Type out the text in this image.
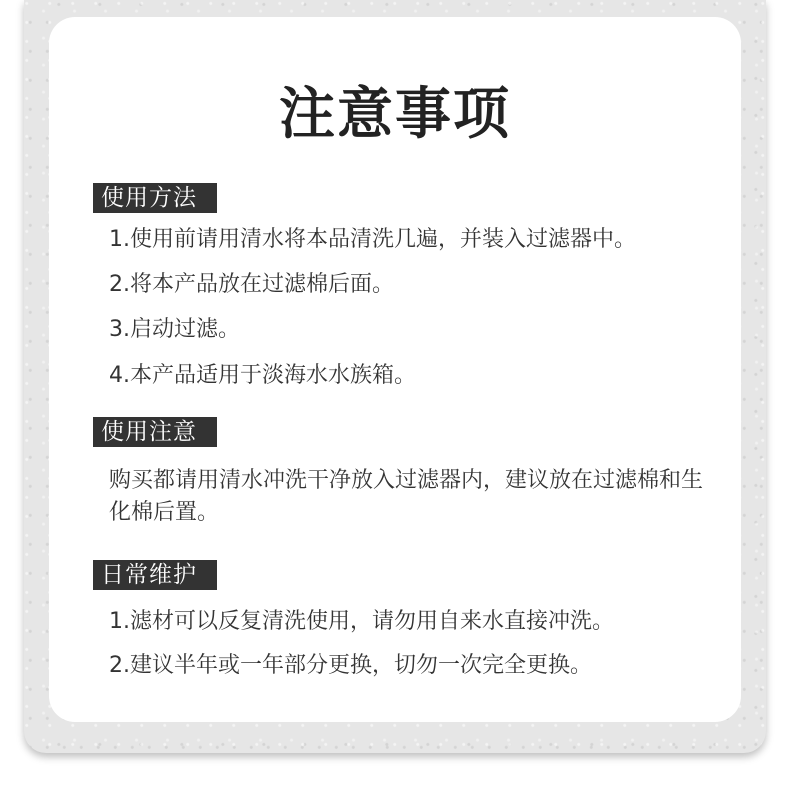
注意事项
使用方法

1.使用前请用清水将本品清洗几遍，并装入过滤器中。

2.将本产品放在过滤棉后面。

3.启动过滤。

4.本产品适用于淡海水水族箱。

使用注意

购买都请用清水冲洗干净放入过滤器内，建议放在过滤棉和生化棉后置。

日常维护

1.滤材可以反复清洗使用，请勿用自来水直接冲洗。

2.建议半年或一年部分更换，切勿一次完全更换。
